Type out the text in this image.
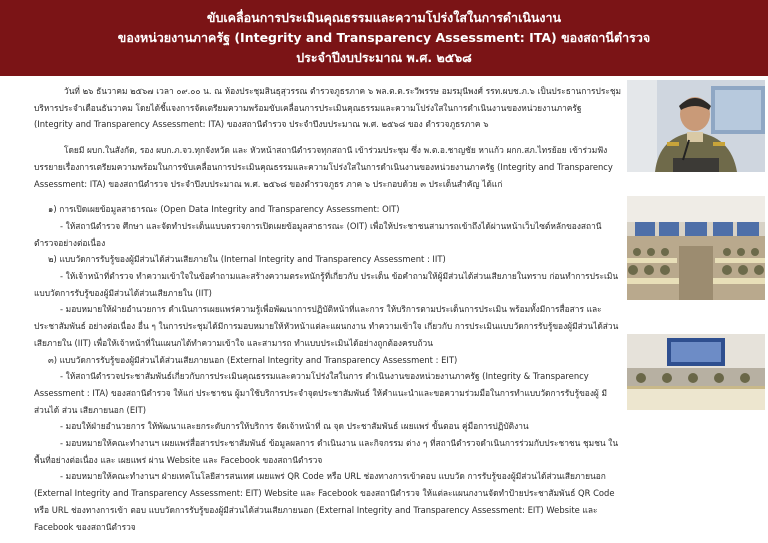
ขับเคลื่อนการประเมินคุณธรรมและความโปร่งใสในการดำเนินงาน
ของหน่วยงานภาครัฐ (Integrity and Transparency Assessment: ITA) ของสถานีตำรวจ
ประจำปีงบประมาณ พ.ศ. ๒๕๖๘

วันที่ ๒๖ ธันวาคม ๒๕๖๗ เวลา ๐๙.๐๐ น. ณ ห้องประชุมสินธุสุวรรณ ตำรวจภูธรภาค ๖ พล.ต.ต.ระวีพรรษ อมรมุนีพงศ์ รรท.ผบช.ภ.๖ เป็นประธานการประชุมบริหารประจำเดือนธันวาคม โดยได้ชี้แจงการจัดเตรียมความพร้อมขับเคลื่อนการประเมินคุณธรรมและความโปร่งใสในการดำเนินงานของหน่วยงานภาครัฐ (Integrity and Transparency Assessment: ITA) ของสถานีตำรวจ ประจำปีงบประมาณ พ.ศ. ๒๕๖๘ ของ ตำรวจภูธรภาค ๖

โดยมี ผบก.ในสังกัด, รอง ผบก.ภ.จว.ทุกจังหวัด และ หัวหน้าสถานีตำรวจทุกสถานี เข้าร่วมประชุม ซึ่ง พ.ต.อ.ชาญชัย หาแก้ว ผกก.สภ.ไทรย้อย เข้าร่วมฟังบรรยายเรื่องการเตรียมความพร้อมในการขับเคลื่อนการประเมินคุณธรรมและความโปร่งใสในการดำเนินงานของหน่วยงานภาครัฐ (Integrity and Transparency Assessment: ITA) ของสถานีตำรวจ ประจำปีงบประมาณ พ.ศ. ๒๕๖๘ ของตำรวจภูธร ภาค ๖ ประกอบด้วย ๓ ประเด็นสำคัญ ได้แก่

๑) การเปิดเผยข้อมูลสาธารณะ (Open Data Integrity and Transparency Assessment: OIT)

- ให้สถานีตำรวจ ศึกษา และจัดทำประเด็นแบบตรวจการเปิดเผยข้อมูลสาธารณะ (OIT) เพื่อให้ประชาชนสามารถเข้าถึงได้ผ่านหน้าเว็บไซต์หลักของสถานีตำรวจอย่างต่อเนื่อง

๒) แบบวัดการรับรู้ของผู้มีส่วนได้ส่วนเสียภายใน (Internal Integrity and Transparency Assessment : IIT)

- ให้เจ้าหน้าที่ตำรวจ ทำความเข้าใจในข้อคำถามและสร้างความตระหนักรู้ที่เกี่ยวกับ ประเด็น ข้อคำถามให้ผู้มีส่วนได้ส่วนเสียภายในทราบ ก่อนทำการประเมินแบบวัดการรับรู้ของผู้มีส่วนได้ส่วนเสียภายใน (IIT)

- มอบหมายให้ฝ่ายอำนวยการ ดำเนินการเผยแพร่ความรู้เพื่อพัฒนาการปฏิบัติหน้าที่และการ ให้บริการตามประเด็นการประเมิน พร้อมทั้งมีการสื่อสาร และประชาสัมพันธ์ อย่างต่อเนื่อง อื่น ๆ ในการประชุมได้มีการมอบหมายให้หัวหน้าแต่ละแผนกงาน ทำความเข้าใจ เกี่ยวกับ การประเมินแบบวัดการรับรู้ของผู้มีส่วนได้ส่วนเสียภายใน (IIT) เพื่อให้เจ้าหน้าที่ในแผนกได้ทำความเข้าใจ และสามารถ ทำแบบประเมินได้อย่างถูกต้องครบถ้วน

๓) แบบวัดการรับรู้ของผู้มีส่วนได้ส่วนเสียภายนอก (External Integrity and Transparency Assessment : EIT)

- ให้สถานีตำรวจประชาสัมพันธ์เกี่ยวกับการประเมินคุณธรรมและความโปร่งใสในการ ดำเนินงานของหน่วยงานภาครัฐ (Integrity & Transparency Assessment : ITA) ของสถานีตำรวจ ให้แก่ ประชาชน ผู้มาใช้บริการประจำจุดประชาสัมพันธ์ ให้คำแนะนำและขอความร่วมมือในการทำแบบวัดการรับรู้ของผู้ มีส่วนได้ ส่วน เสียภายนอก (EIT)

- มอบให้ฝ่ายอำนวยการ ให้พัฒนาและยกระดับการให้บริการ จัดเจ้าหน้าที่ ณ จุด ประชาสัมพันธ์ เผยแพร่ ขั้นตอน คู่มือการปฏิบัติงาน

- มอบหมายให้คณะทำงานฯ เผยแพร่สื่อสารประชาสัมพันธ์ ข้อมูลผลการ ดำเนินงาน และกิจกรรม ต่าง ๆ ที่สถานีตำรวจดำเนินการร่วมกับประชาชน ชุมชน ในพื้นที่อย่างต่อเนื่อง และ เผยแพร่ ผ่าน Website และ Facebook ของสถานีตำรวจ

- มอบหมายให้คณะทำงานฯ ฝ่ายเทคโนโลยีสารสนเทศ เผยแพร่ QR Code หรือ URL ช่องทางการเข้าตอบ แบบวัด การรับรู้ของผู้มีส่วนได้ส่วนเสียภายนอก (External Integrity and Transparency Assessment: EIT) Website และ Facebook ของสถานีตำรวจ ให้แต่ละแผนกงานจัดทำป้ายประชาสัมพันธ์ QR Code หรือ URL ช่องทางการเข้า ตอบ แบบวัดการรับรู้ของผู้มีส่วนได้ส่วนเสียภายนอก (External Integrity and Transparency Assessment: EIT) Website และ Facebook ของสถานีตำรวจ
